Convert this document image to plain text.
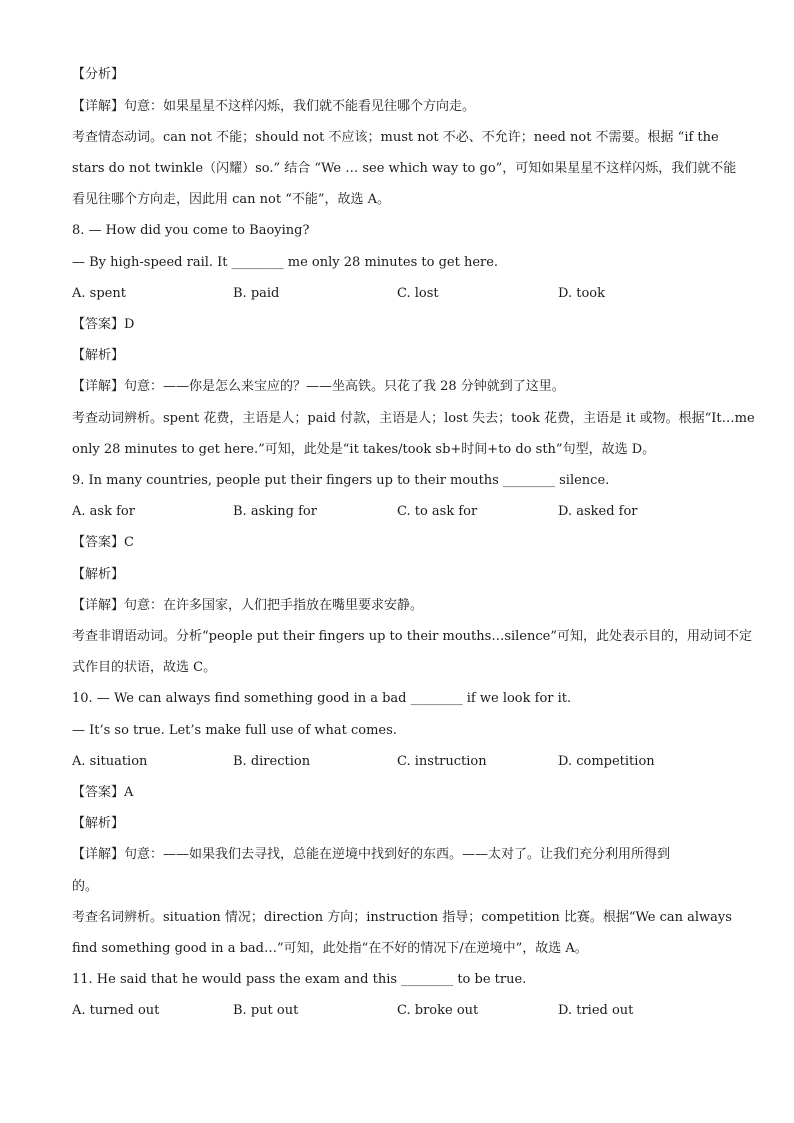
【分析】
【详解】句意：如果星星不这样闪烁，我们就不能看见往哪个方向走。
考查情态动词。can not 不能；should not 不应该；must not 不必、不允许；need not 不需要。根据 “if the
stars do not twinkle（闪耀）so.” 结合 “We … see which way to go”，可知如果星星不这样闪烁，我们就不能
看见往哪个方向走，因此用 can not “不能”，故选 A。
8. — How did you come to Baoying?
— By high-speed rail. It ________ me only 28 minutes to get here.
A. spent	B. paid	C. lost	D. took
【答案】D
【解析】
【详解】句意：——你是怎么来宝应的？——坐高铁。只花了我 28 分钟就到了这里。
考查动词辨析。spent 花费，主语是人；paid 付款，主语是人；lost 失去；took 花费，主语是 it 或物。根据“It…me
only 28 minutes to get here.”可知，此处是“it takes/took sb+时间+to do sth”句型，故选 D。
9. In many countries, people put their fingers up to their mouths ________ silence.
A. ask for	B. asking for	C. to ask for	D. asked for
【答案】C
【解析】
【详解】句意：在许多国家，人们把手指放在嘴里要求安静。
考查非谓语动词。分析“people put their fingers up to their mouths…silence”可知，此处表示目的，用动词不定
式作目的状语，故选 C。
10. — We can always find something good in a bad ________ if we look for it.
— It’s so true. Let’s make full use of what comes.
A. situation	B. direction	C. instruction	D. competition
【答案】A
【解析】
【详解】句意：——如果我们去寻找，总能在逆境中找到好的东西。——太对了。让我们充分利用所得到
的。
考查名词辨析。situation 情况；direction 方向；instruction 指导；competition 比赛。根据“We can always
find something good in a bad…”可知，此处指“在不好的情况下/在逆境中”，故选 A。
11. He said that he would pass the exam and this ________ to be true.
A. turned out	B. put out	C. broke out	D. tried out
